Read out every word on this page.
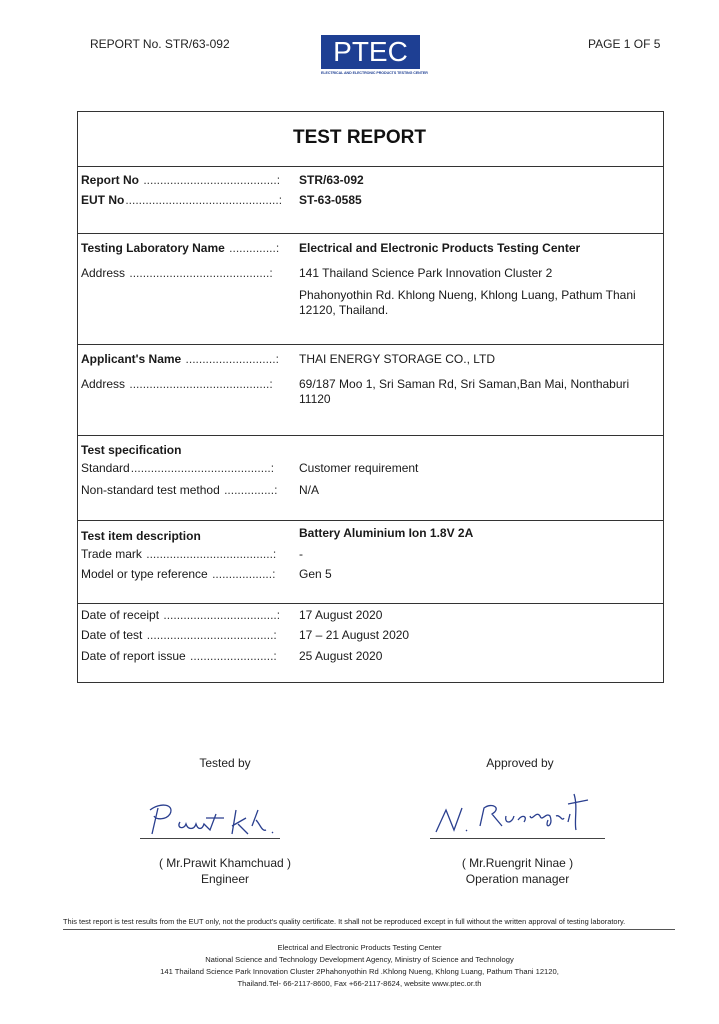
REPORT No. STR/63-092	PTEC
ELECTRICAL AND ELECTRONIC PRODUCTS TESTING CENTER
PAGE 1 OF 5
TEST REPORT
Report No ........................................:	STR/63-092
EUT No..............................................: ST-63-0585
Testing Laboratory Name ..............:	Electrical and Electronic Products Testing Center
Address ..........................................:	141 Thailand Science Park Innovation Cluster 2
Phahonyothin Rd. Khlong Nueng, Khlong Luang, Pathum Thani
12120, Thailand.
Applicant's Name ...........................:	THAI ENERGY STORAGE CO., LTD
Address ..........................................:	69/187 Moo 1, Sri Saman Rd, Sri Saman,Ban Mai, Nonthaburi
11120
Test specification
Standard..........................................:	Customer requirement
Non-standard test method ...............:	N/A
Test item description	Battery Aluminium Ion 1.8V 2A
Trade mark ......................................:	-
Model or type reference ..................:	Gen 5
Date of receipt ..................................:	17 August 2020
Date of test ......................................:	17 – 21 August 2020
Date of report issue .........................:	25 August 2020
Tested by
Praavit Kh.
( Mr.Prawit Khamchuad )
Engineer
Approved by
N. Ruengrit
( Mr.Ruengrit Ninae )
Operation manager
This test report is test results from the EUT only, not the product's quality certificate. It shall not be reproduced except in full without the written approval of testing laboratory.
Electrical and Electronic Products Testing Center
National Science and Technology Development Agency, Ministry of Science and Technology
141 Thailand Science Park Innovation Cluster 2Phahonyothin Rd .Khlong Nueng, Khlong Luang, Pathum Thani 12120,
Thailand.Tel- 66-2117-8600, Fax +66-2117-8624, website www.ptec.or.th
